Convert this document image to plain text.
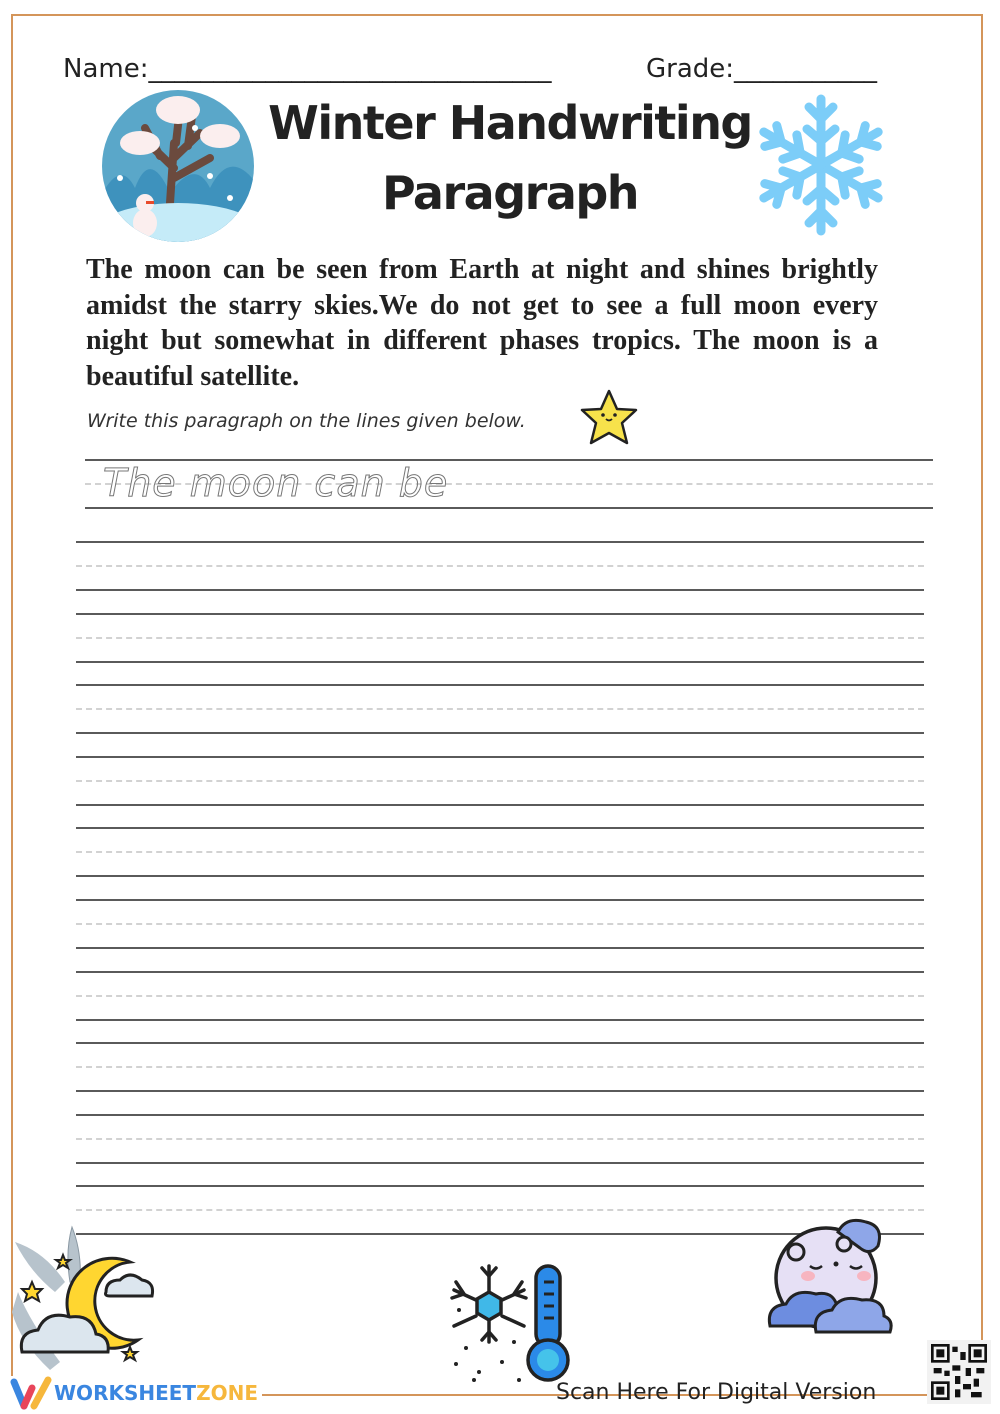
Name:_______________________________	Grade:___________
Winter Handwriting
Paragraph
The moon can be seen from Earth at night and shines brightly amidst the starry skies.We do not get to see a full moon every night but somewhat in different phases tropics. The moon is a beautiful satellite.
Write this paragraph on the lines given below.
The moon can be
WORKSHEET ZONE	Scan Here For Digital Version
